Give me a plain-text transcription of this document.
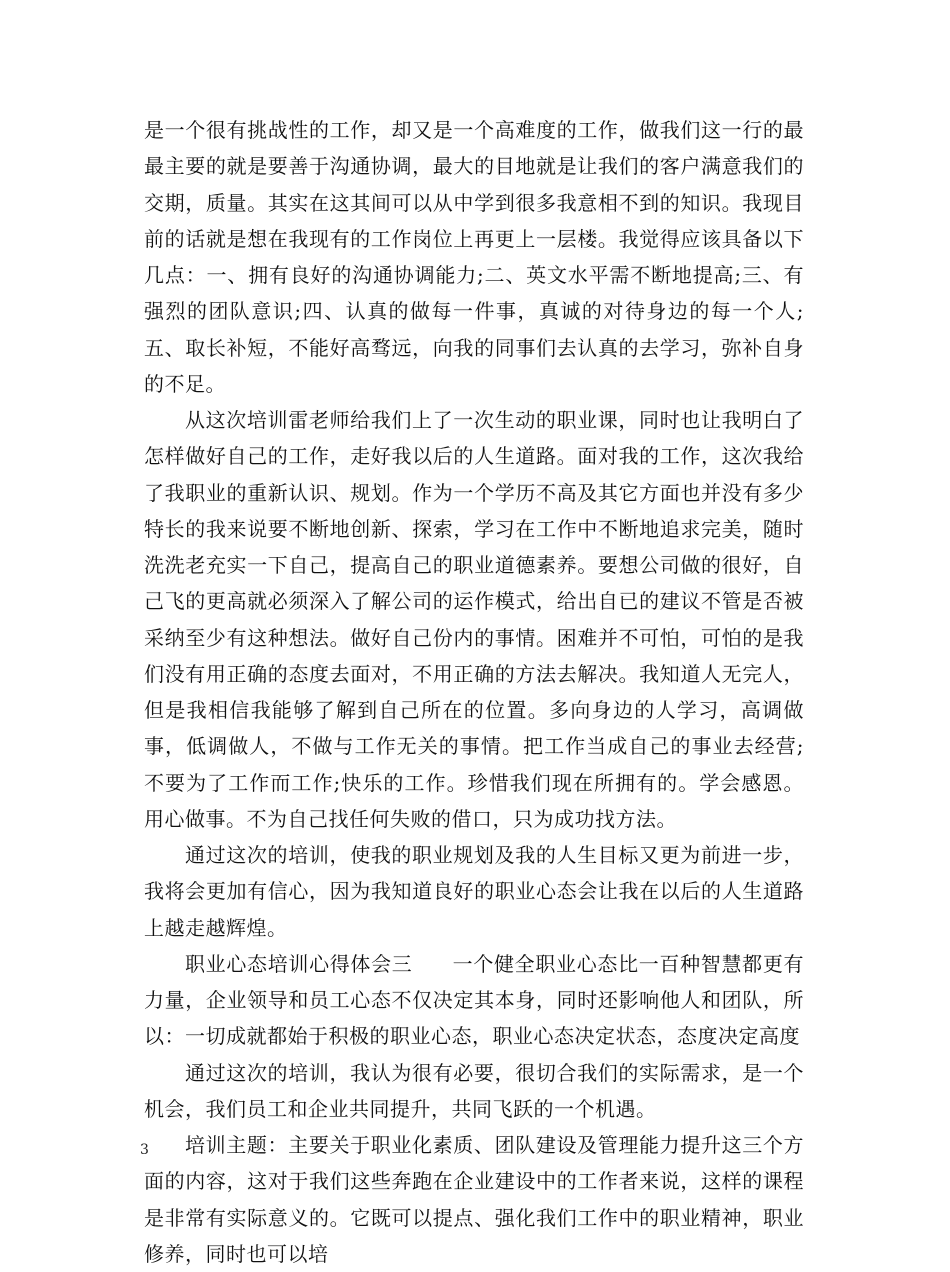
是一个很有挑战性的工作，却又是一个高难度的工作，做我们这一行的最最主要的就是要善于沟通协调，最大的目地就是让我们的客户满意我们的交期，质量。其实在这其间可以从中学到很多我意相不到的知识。我现目前的话就是想在我现有的工作岗位上再更上一层楼。我觉得应该具备以下几点：一、拥有良好的沟通协调能力;二、英文水平需不断地提高;三、有强烈的团队意识;四、认真的做每一件事，真诚的对待身边的每一个人;五、取长补短，不能好高骛远，向我的同事们去认真的去学习，弥补自身的不足。

从这次培训雷老师给我们上了一次生动的职业课，同时也让我明白了怎样做好自己的工作，走好我以后的人生道路。面对我的工作，这次我给了我职业的重新认识、规划。作为一个学历不高及其它方面也并没有多少特长的我来说要不断地创新、探索，学习在工作中不断地追求完美，随时洗洗老充实一下自己，提高自己的职业道德素养。要想公司做的很好，自己飞的更高就必须深入了解公司的运作模式，给出自已的建议不管是否被采纳至少有这种想法。做好自己份内的事情。困难并不可怕，可怕的是我们没有用正确的态度去面对，不用正确的方法去解决。我知道人无完人，但是我相信我能够了解到自己所在的位置。多向身边的人学习，高调做事，低调做人，不做与工作无关的事情。把工作当成自己的事业去经营;不要为了工作而工作;快乐的工作。珍惜我们现在所拥有的。学会感恩。用心做事。不为自己找任何失败的借口，只为成功找方法。

通过这次的培训，使我的职业规划及我的人生目标又更为前进一步，我将会更加有信心，因为我知道良好的职业心态会让我在以后的人生道路上越走越辉煌。

职业心态培训心得体会三 一个健全职业心态比一百种智慧都更有力量，企业领导和员工心态不仅决定其本身，同时还影响他人和团队，所以：一切成就都始于积极的职业心态，职业心态决定状态，态度决定高度

通过这次的培训，我认为很有必要，很切合我们的实际需求，是一个机会，我们员工和企业共同提升，共同飞跃的一个机遇。

培训主题：主要关于职业化素质、团队建设及管理能力提升这三个方面的内容，这对于我们这些奔跑在企业建设中的工作者来说，这样的课程是非常有实际意义的。它既可以提点、强化我们工作中的职业精神，职业修养，同时也可以培

3
